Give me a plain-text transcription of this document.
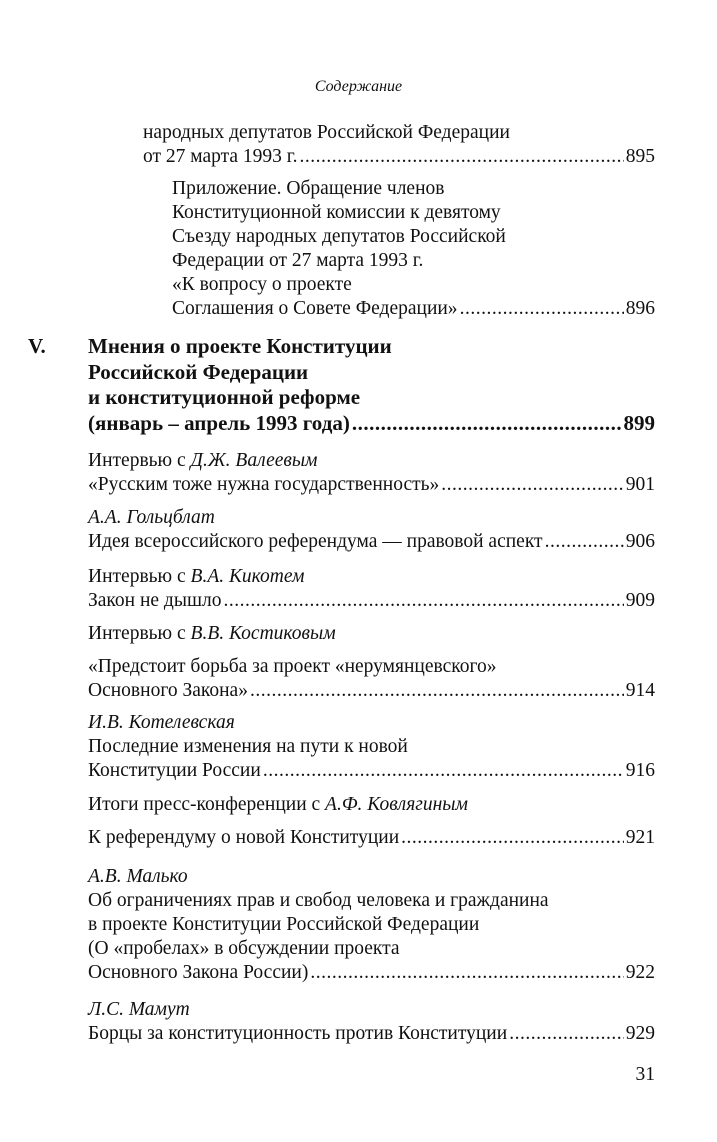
Содержание
народных депутатов Российской Федерации
от 27 марта 1993 г. .....	895
Приложение. Обращение членов
Конституционной комиссии к девятому
Съезду народных депутатов Российской
Федерации от 27 марта 1993 г.
«К вопросу о проекте
Соглашения о Совете Федерации» .....	896
V. Мнения о проекте Конституции
Российской Федерации
и конституционной реформе
(январь – апрель 1993 года) .....	899
Интервью с Д.Ж. Валеевым
«Русским тоже нужна государственность» .....	901
А.А. Гольцблат
Идея всероссийского референдума — правовой аспект .....	906
Интервью с В.А. Кикотем
Закон не дышло .....	909
Интервью с В.В. Костиковым
«Предстоит борьба за проект «нерумянцевского»
Основного Закона» .....	914
И.В. Котелевская
Последние изменения на пути к новой
Конституции России .....	916
Итоги пресс-конференции с А.Ф. Ковлягиным
К референдуму о новой Конституции .....	921
А.В. Малько
Об ограничениях прав и свобод человека и гражданина
в проекте Конституции Российской Федерации
(О «пробелах» в обсуждении проекта
Основного Закона России) .....	922
Л.С. Мамут
Борцы за конституционность против Конституции .....	929
31
